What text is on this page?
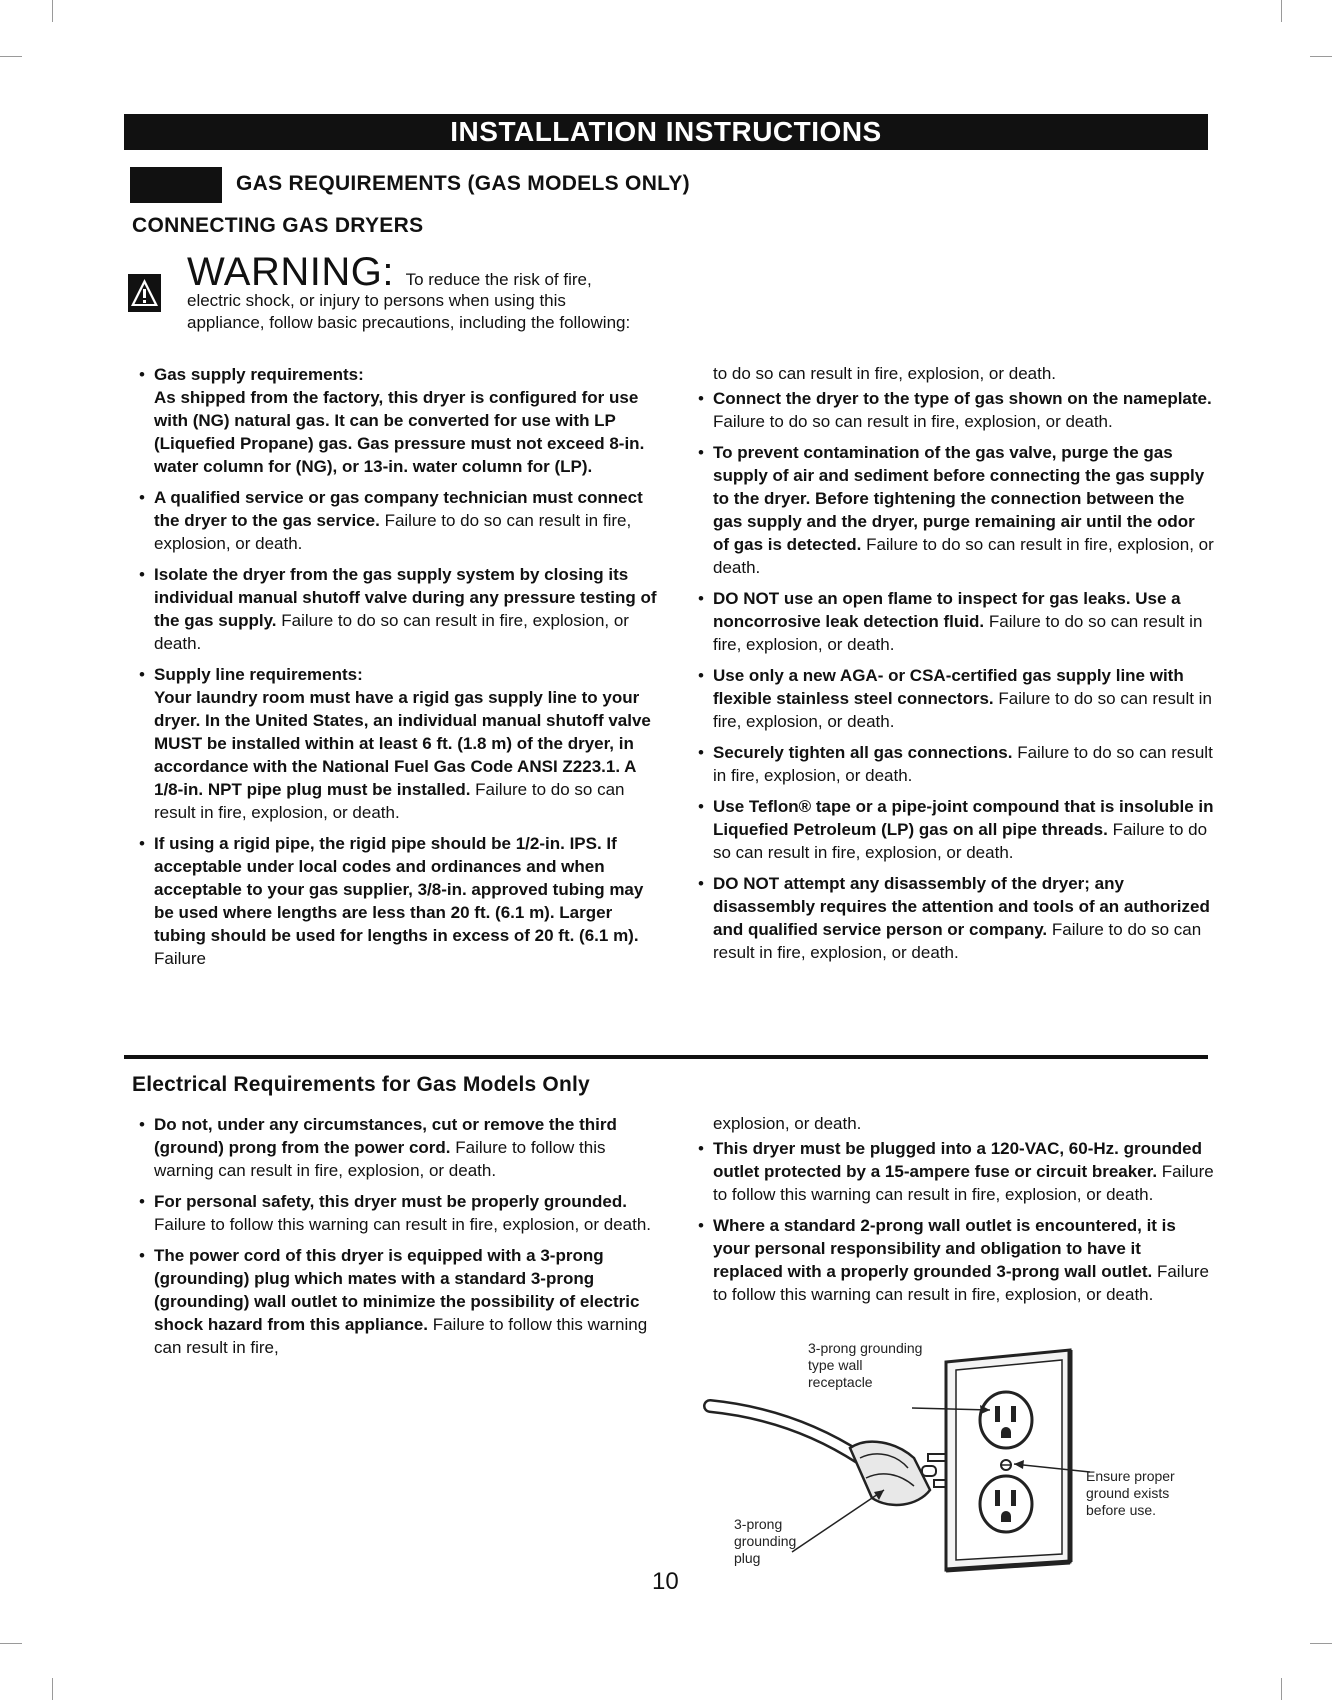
INSTALLATION INSTRUCTIONS
GAS REQUIREMENTS (GAS MODELS ONLY)
CONNECTING GAS DRYERS
WARNING: To reduce the risk of fire,
electric shock, or injury to persons when using this appliance, follow basic precautions, including the following:
• Gas supply requirements:
As shipped from the factory, this dryer is configured for use with (NG) natural gas. It can be converted for use with LP (Liquefied Propane) gas. Gas pressure must not exceed 8-in. water column for (NG), or 13-in. water column for (LP).
• A qualified service or gas company technician must connect the dryer to the gas service. Failure to do so can result in fire, explosion, or death.
• Isolate the dryer from the gas supply system by closing its individual manual shutoff valve during any pressure testing of the gas supply. Failure to do so can result in fire, explosion, or death.
• Supply line requirements:
Your laundry room must have a rigid gas supply line to your dryer. In the United States, an individual manual shutoff valve MUST be installed within at least 6 ft. (1.8 m) of the dryer, in accordance with the National Fuel Gas Code ANSI Z223.1. A 1/8-in. NPT pipe plug must be installed. Failure to do so can result in fire, explosion, or death.
• If using a rigid pipe, the rigid pipe should be 1/2-in. IPS. If acceptable under local codes and ordinances and when acceptable to your gas supplier, 3/8-in. approved tubing may be used where lengths are less than 20 ft. (6.1 m). Larger tubing should be used for lengths in excess of 20 ft. (6.1 m). Failure
to do so can result in fire, explosion, or death.
• Connect the dryer to the type of gas shown on the nameplate. Failure to do so can result in fire, explosion, or death.
• To prevent contamination of the gas valve, purge the gas supply of air and sediment before connecting the gas supply to the dryer. Before tightening the connection between the gas supply and the dryer, purge remaining air until the odor of gas is detected. Failure to do so can result in fire, explosion, or death.
• DO NOT use an open flame to inspect for gas leaks. Use a noncorrosive leak detection fluid. Failure to do so can result in fire, explosion, or death.
• Use only a new AGA- or CSA-certified gas supply line with flexible stainless steel connectors. Failure to do so can result in fire, explosion, or death.
• Securely tighten all gas connections. Failure to do so can result in fire, explosion, or death.
• Use Teflon® tape or a pipe-joint compound that is insoluble in Liquefied Petroleum (LP) gas on all pipe threads. Failure to do so can result in fire, explosion, or death.
• DO NOT attempt any disassembly of the dryer; any disassembly requires the attention and tools of an authorized and qualified service person or company. Failure to do so can result in fire, explosion, or death.
Electrical Requirements for Gas Models Only
• Do not, under any circumstances, cut or remove the third (ground) prong from the power cord. Failure to follow this warning can result in fire, explosion, or death.
• For personal safety, this dryer must be properly grounded. Failure to follow this warning can result in fire, explosion, or death.
• The power cord of this dryer is equipped with a 3-prong (grounding) plug which mates with a standard 3-prong (grounding) wall outlet to minimize the possibility of electric shock hazard from this appliance. Failure to follow this warning can result in fire,
explosion, or death.
• This dryer must be plugged into a 120-VAC, 60-Hz. grounded outlet protected by a 15-ampere fuse or circuit breaker. Failure to follow this warning can result in fire, explosion, or death.
• Where a standard 2-prong wall outlet is encountered, it is your personal responsibility and obligation to have it replaced with a properly grounded 3-prong wall outlet. Failure to follow this warning can result in fire, explosion, or death.
3-prong grounding type wall receptacle
Ensure proper ground exists before use.
3-prong grounding plug
10
